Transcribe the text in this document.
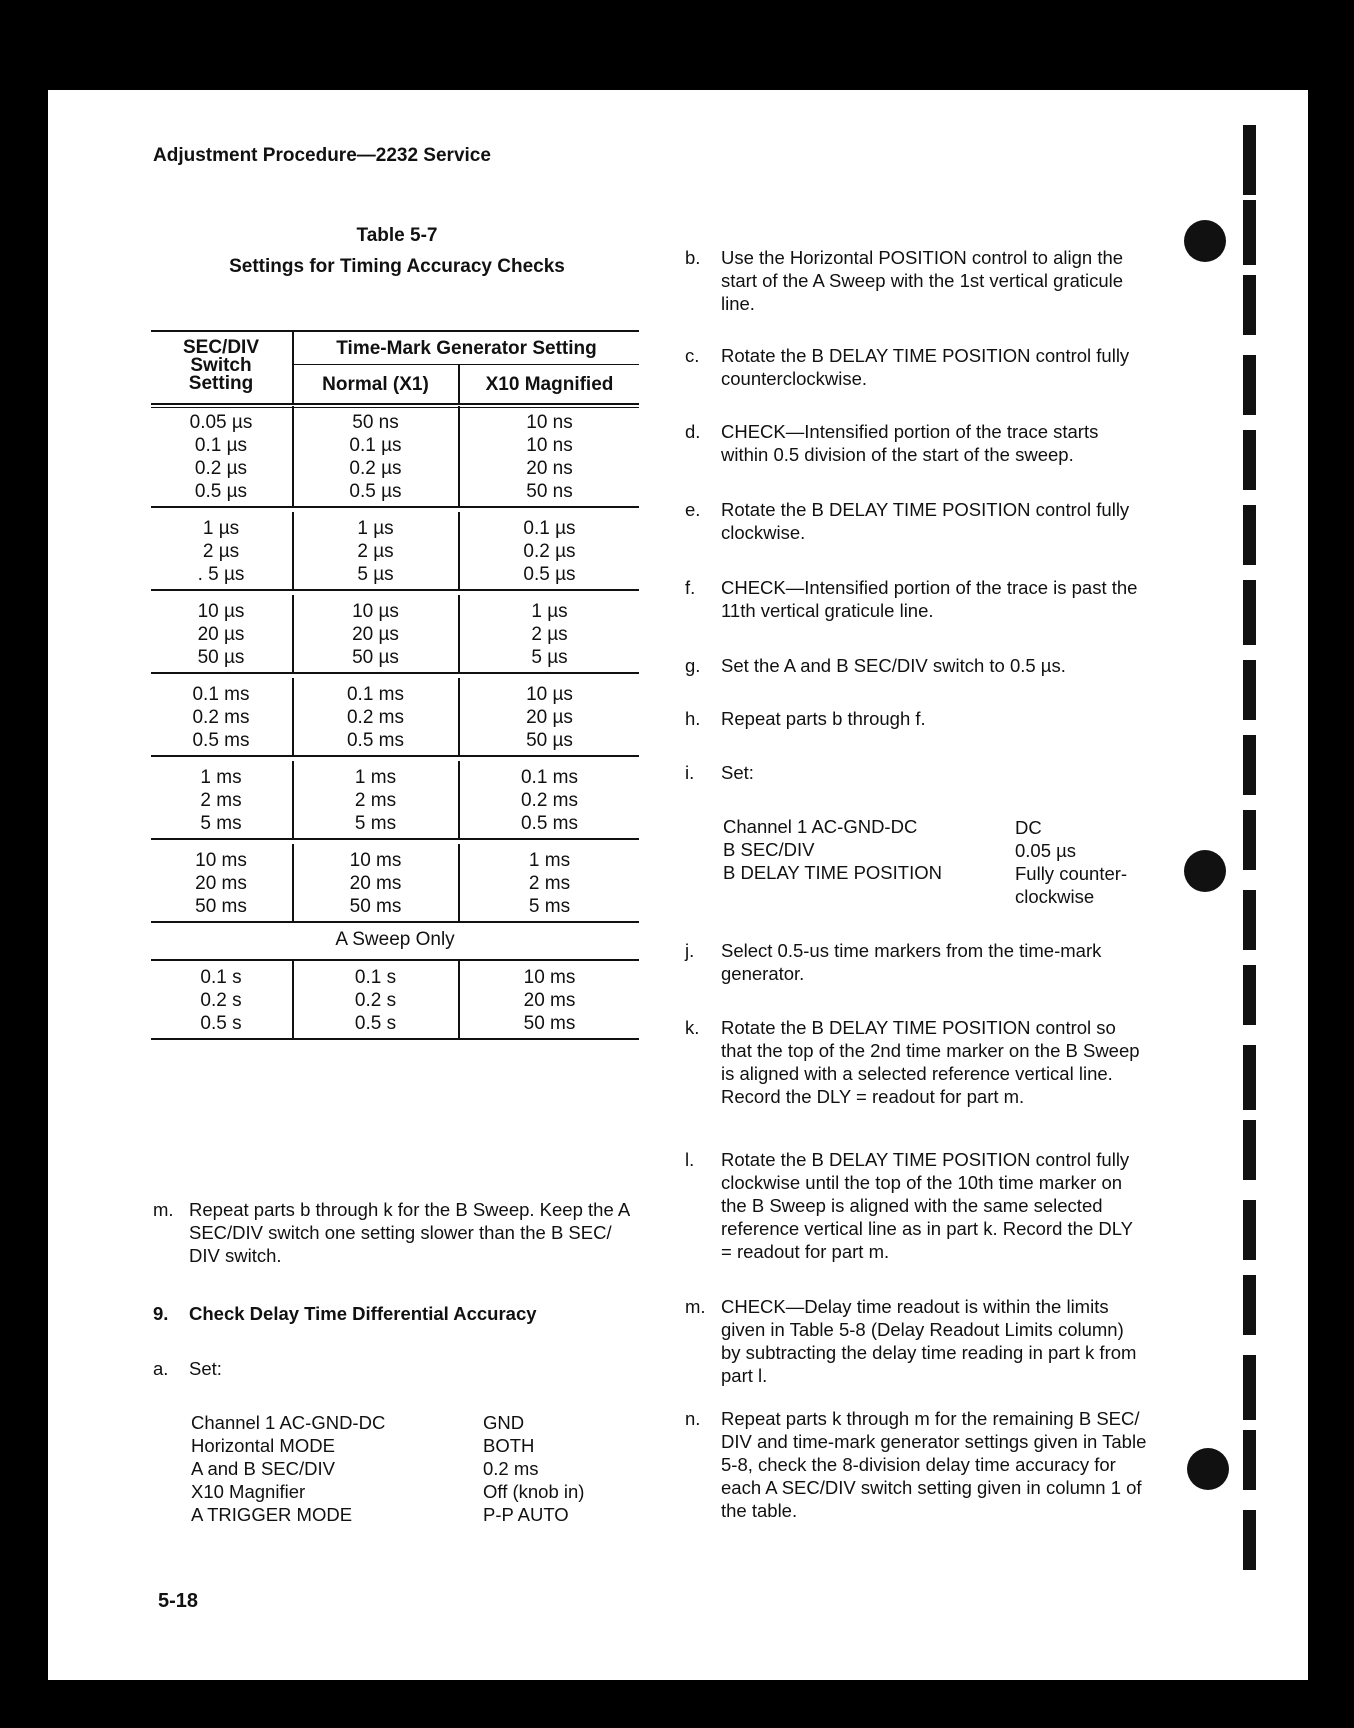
Adjustment Procedure—2232 Service
Table 5-7
Settings for Timing Accuracy Checks
SEC/DIV
Switch
Setting
Time-Mark Generator Setting
Normal (X1)	X10 Magnified
0.05 µs	50 ns	10 ns
0.1 µs	0.1 µs	10 ns
0.2 µs	0.2 µs	20 ns
0.5 µs	0.5 µs	50 ns
1 µs	1 µs	0.1 µs
2 µs	2 µs	0.2 µs
. 5 µs	5 µs	0.5 µs
10 µs	10 µs	1 µs
20 µs	20 µs	2 µs
50 µs	50 µs	5 µs
0.1 ms	0.1 ms	10 µs
0.2 ms	0.2 ms	20 µs
0.5 ms	0.5 ms	50 µs
1 ms	1 ms	0.1 ms
2 ms	2 ms	0.2 ms
5 ms	5 ms	0.5 ms
10 ms	10 ms	1 ms
20 ms	20 ms	2 ms
50 ms	50 ms	5 ms
A Sweep Only
0.1 s	0.1 s	10 ms
0.2 s	0.2 s	20 ms
0.5 s	0.5 s	50 ms
m. Repeat parts b through k for the B Sweep. Keep the A SEC/DIV switch one setting slower than the B SEC/ DIV switch.
9. Check Delay Time Differential Accuracy
a. Set:
Channel 1 AC-GND-DC	GND
Horizontal MODE	BOTH
A and B SEC/DIV	0.2 ms
X10 Magnifier	Off (knob in)
A TRIGGER MODE	P-P AUTO
b. Use the Horizontal POSITION control to align the start of the A Sweep with the 1st vertical graticule line.
c. Rotate the B DELAY TIME POSITION control fully counterclockwise.
d. CHECK—Intensified portion of the trace starts within 0.5 division of the start of the sweep.
e. Rotate the B DELAY TIME POSITION control fully clockwise.
f. CHECK—Intensified portion of the trace is past the 11th vertical graticule line.
g. Set the A and B SEC/DIV switch to 0.5 µs.
h. Repeat parts b through f.
i. Set:
j. Select 0.5-us time markers from the time-mark generator.
k. Rotate the B DELAY TIME POSITION control so that the top of the 2nd time marker on the B Sweep is aligned with a selected reference vertical line. Record the DLY = readout for part m.
l. Rotate the B DELAY TIME POSITION control fully clockwise until the top of the 10th time marker on the B Sweep is aligned with the same selected reference vertical line as in part k. Record the DLY = readout for part m.
m. CHECK—Delay time readout is within the limits given in Table 5-8 (Delay Readout Limits column) by subtracting the delay time reading in part k from part l.
n. Repeat parts k through m for the remaining B SEC/ DIV and time-mark generator settings given in Table 5-8, check the 8-division delay time accuracy for each A SEC/DIV switch setting given in column 1 of the table.
Channel 1 AC-GND-DC	DC
B SEC/DIV	0.05 µs
B DELAY TIME POSITION	Fully counter-
clockwise
5-18
